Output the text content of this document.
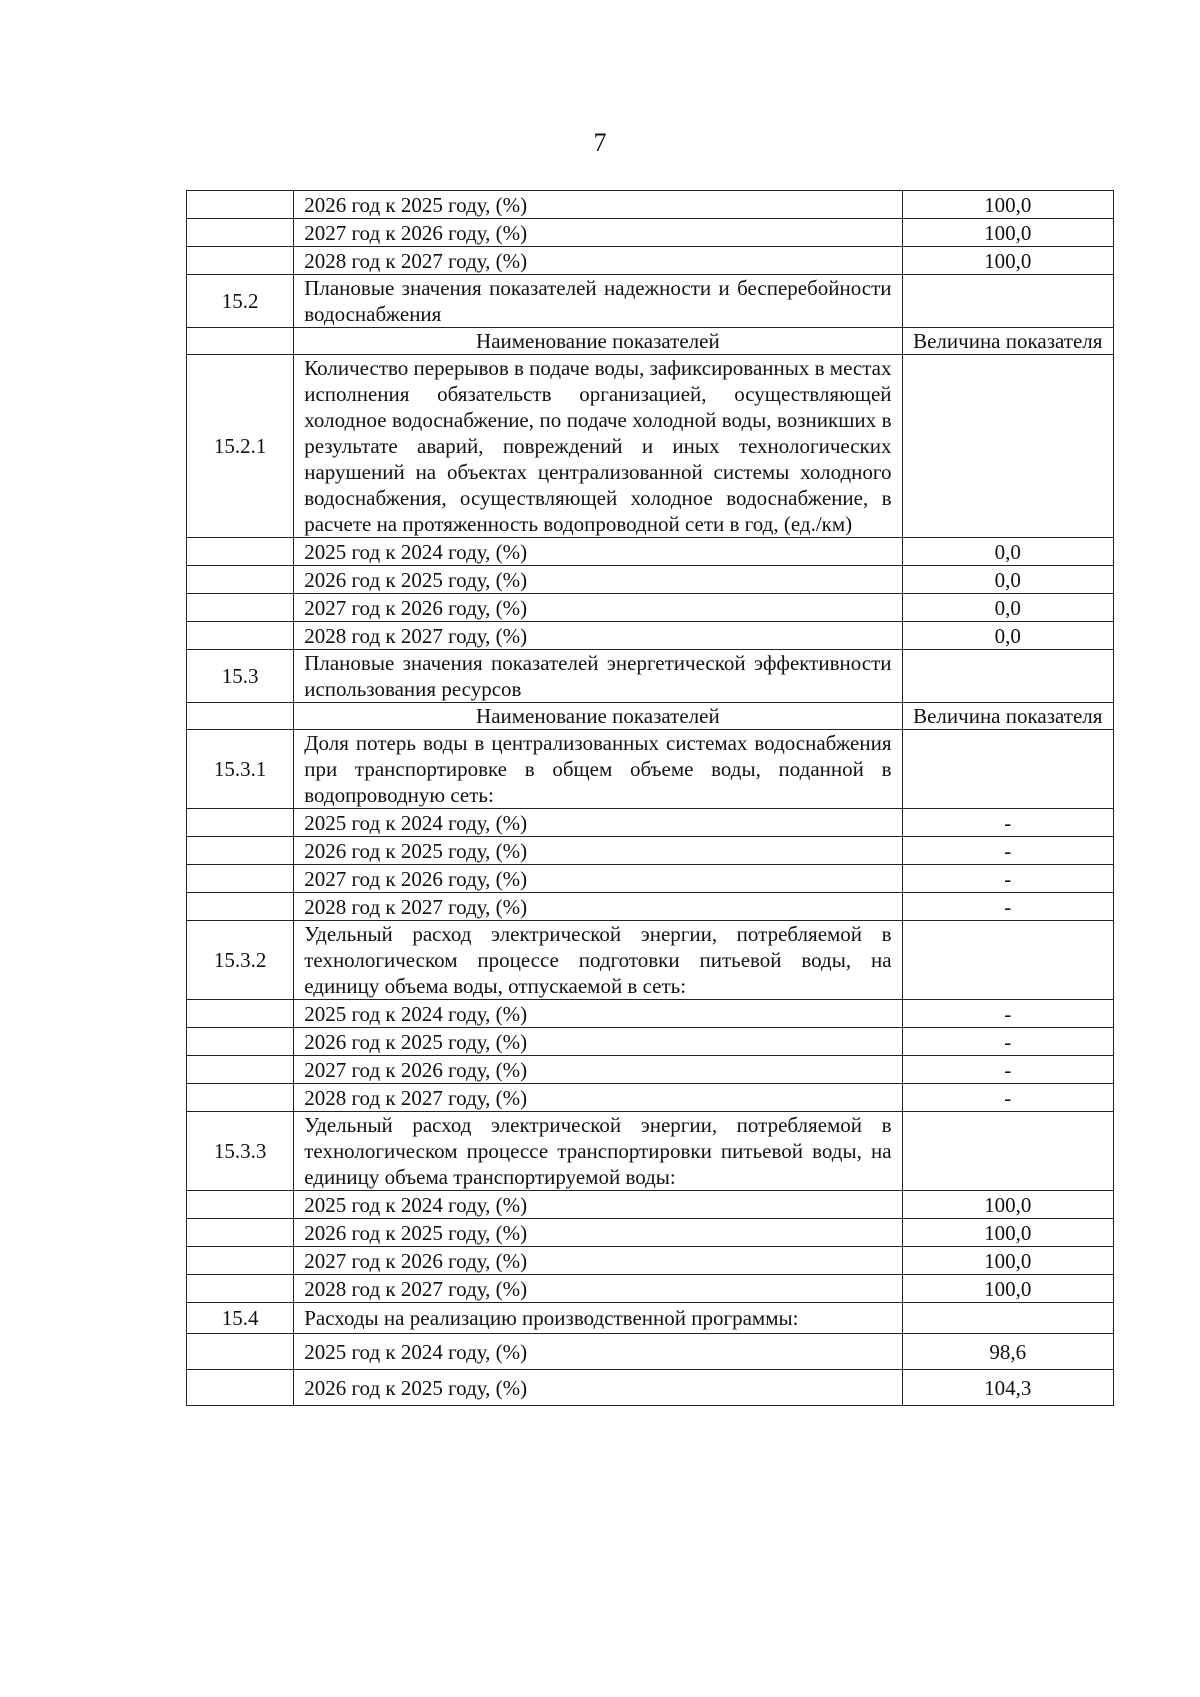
7
	2026 год к 2025 году, (%)	100,0
	2027 год к 2026 году, (%)	100,0
	2028 год к 2027 году, (%)	100,0
15.2	Плановые значения показателей надежности и бесперебойности водоснабжения	
	Наименование показателей	Величина показателя
15.2.1	Количество перерывов в подаче воды, зафиксированных в местах исполнения обязательств организацией, осуществляющей холодное водоснабжение, по подаче холодной воды, возникших в результате аварий, повреждений и иных технологических нарушений на объектах централизованной системы холодного водоснабжения, осуществляющей холодное водоснабжение, в расчете на протяженность водопроводной сети в год, (ед./км)	
	2025 год к 2024 году, (%)	0,0
	2026 год к 2025 году, (%)	0,0
	2027 год к 2026 году, (%)	0,0
	2028 год к 2027 году, (%)	0,0
15.3	Плановые значения показателей энергетической эффективности использования ресурсов	
	Наименование показателей	Величина показателя
15.3.1	Доля потерь воды в централизованных системах водоснабжения при транспортировке в общем объеме воды, поданной в водопроводную сеть:	
	2025 год к 2024 году, (%)	-
	2026 год к 2025 году, (%)	-
	2027 год к 2026 году, (%)	-
	2028 год к 2027 году, (%)	-
15.3.2	Удельный расход электрической энергии, потребляемой в технологическом процессе подготовки питьевой воды, на единицу объема воды, отпускаемой в сеть:	
	2025 год к 2024 году, (%)	-
	2026 год к 2025 году, (%)	-
	2027 год к 2026 году, (%)	-
	2028 год к 2027 году, (%)	-
15.3.3	Удельный расход электрической энергии, потребляемой в технологическом процессе транспортировки питьевой воды, на единицу объема транспортируемой воды:	
	2025 год к 2024 году, (%)	100,0
	2026 год к 2025 году, (%)	100,0
	2027 год к 2026 году, (%)	100,0
	2028 год к 2027 году, (%)	100,0
15.4	Расходы на реализацию производственной программы:	
	2025 год к 2024 году, (%)	98,6
	2026 год к 2025 году, (%)	104,3
